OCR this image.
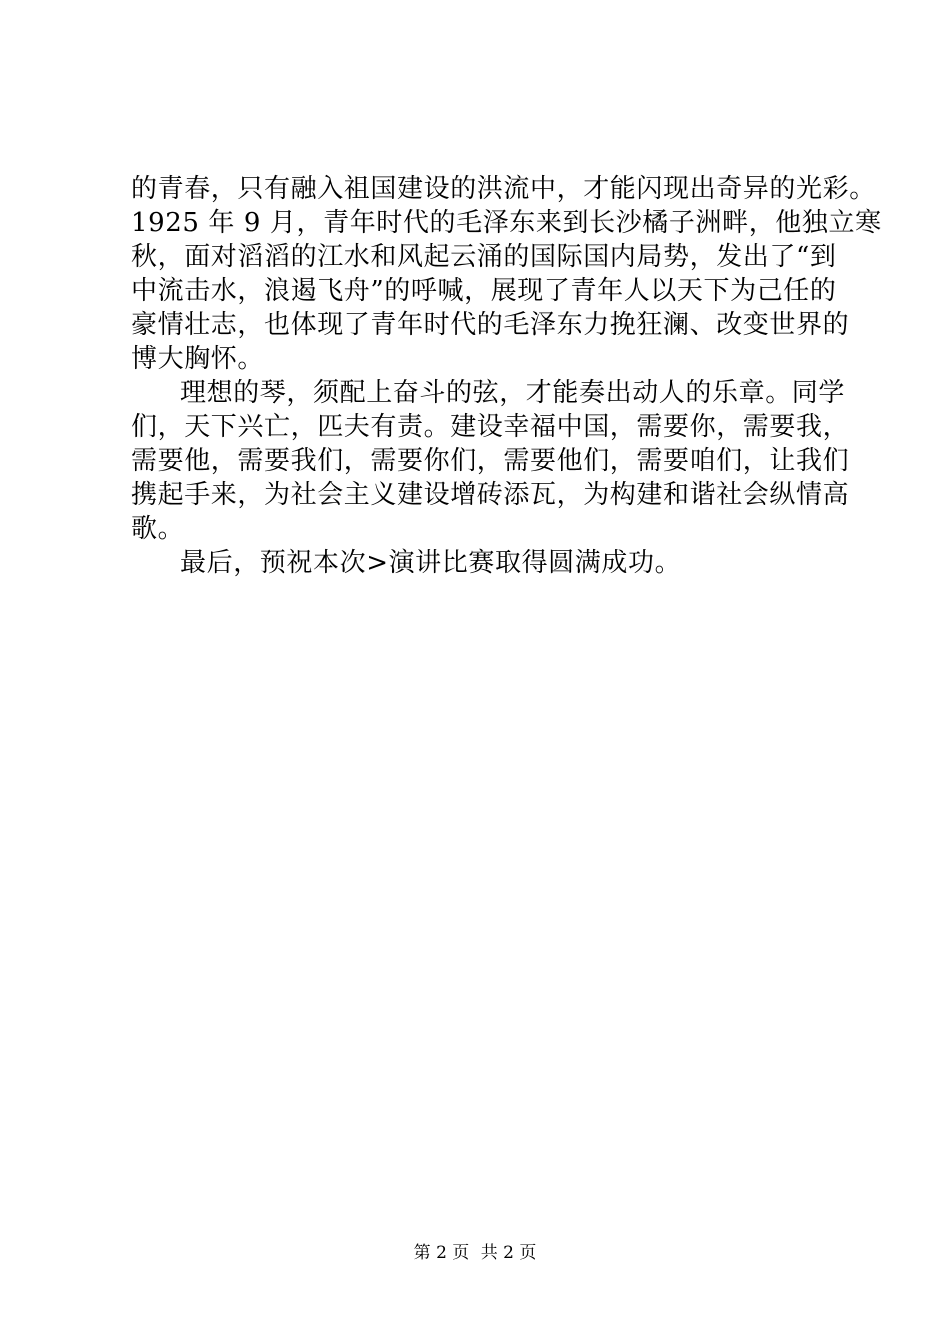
的青春，只有融入祖国建设的洪流中，才能闪现出奇异的光彩。
1925 年 9 月，青年时代的毛泽东来到长沙橘子洲畔，他独立寒
秋，面对滔滔的江水和风起云涌的国际国内局势，发出了“到
中流击水，浪遏飞舟”的呼喊，展现了青年人以天下为己任的
豪情壮志，也体现了青年时代的毛泽东力挽狂澜、改变世界的
博大胸怀。
理想的琴，须配上奋斗的弦，才能奏出动人的乐章。同学
们，天下兴亡，匹夫有责。建设幸福中国，需要你，需要我，
需要他，需要我们，需要你们，需要他们，需要咱们，让我们
携起手来，为社会主义建设增砖添瓦，为构建和谐社会纵情高
歌。
最后，预祝本次>演讲比赛取得圆满成功。
第 2 页 共 2 页
